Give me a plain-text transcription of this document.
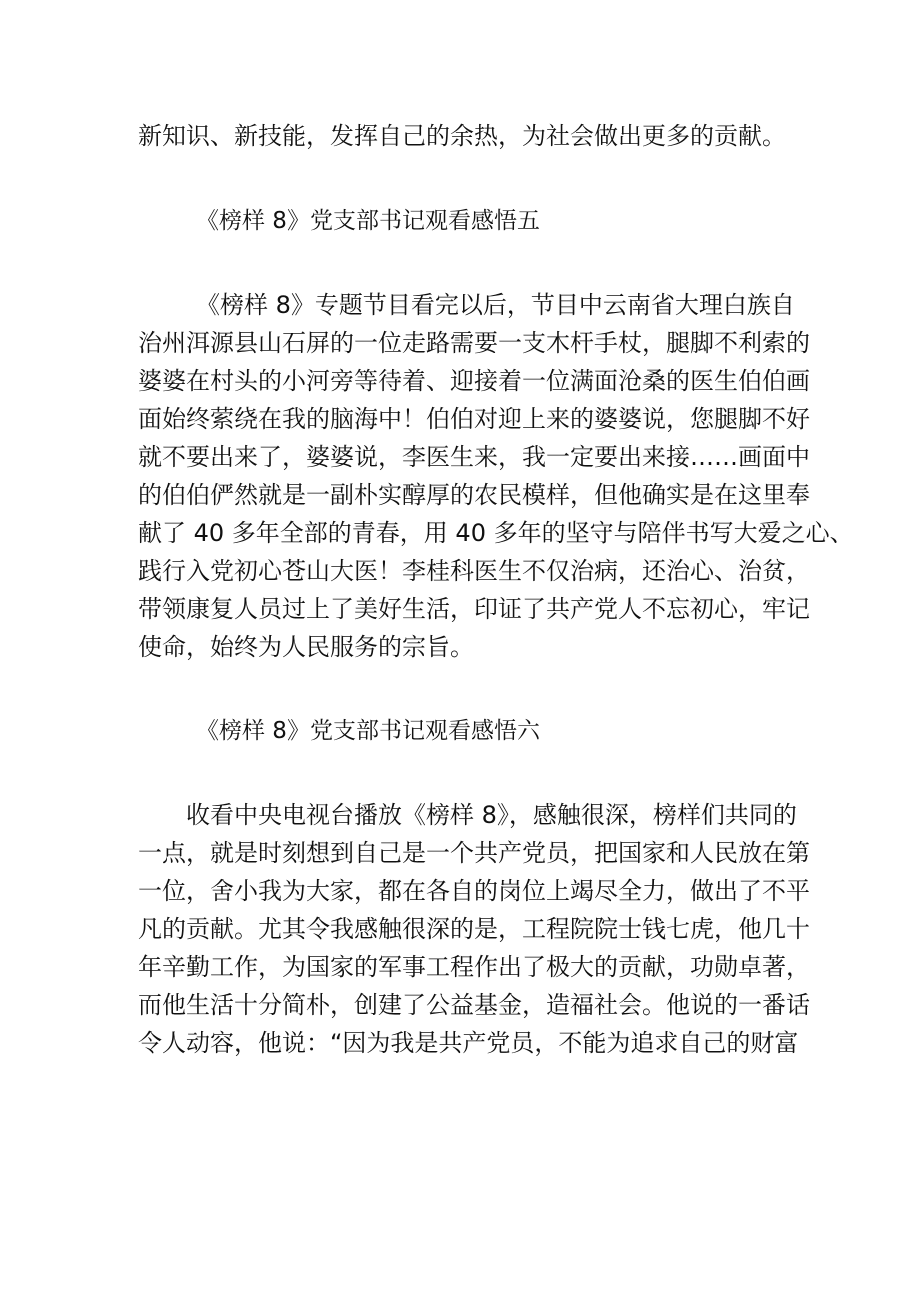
新知识、新技能，发挥自己的余热，为社会做出更多的贡献。
《榜样 8》党支部书记观看感悟五
《榜样 8》专题节目看完以后，节目中云南省大理白族自
治州洱源县山石屏的一位走路需要一支木杆手杖，腿脚不利索的
婆婆在村头的小河旁等待着、迎接着一位满面沧桑的医生伯伯画
面始终萦绕在我的脑海中！伯伯对迎上来的婆婆说，您腿脚不好
就不要出来了，婆婆说，李医生来，我一定要出来接……画面中
的伯伯俨然就是一副朴实醇厚的农民模样，但他确实是在这里奉
献了 40 多年全部的青春，用 40 多年的坚守与陪伴书写大爱之心、
践行入党初心苍山大医！李桂科医生不仅治病，还治心、治贫，
带领康复人员过上了美好生活，印证了共产党人不忘初心，牢记
使命，始终为人民服务的宗旨。
《榜样 8》党支部书记观看感悟六
收看中央电视台播放《榜样 8》，感触很深，榜样们共同的
一点，就是时刻想到自己是一个共产党员，把国家和人民放在第
一位，舍小我为大家，都在各自的岗位上竭尽全力，做出了不平
凡的贡献。尤其令我感触很深的是，工程院院士钱七虎，他几十
年辛勤工作，为国家的军事工程作出了极大的贡献，功勋卓著，
而他生活十分简朴，创建了公益基金，造福社会。他说的一番话
令人动容，他说：“因为我是共产党员，不能为追求自己的财富
